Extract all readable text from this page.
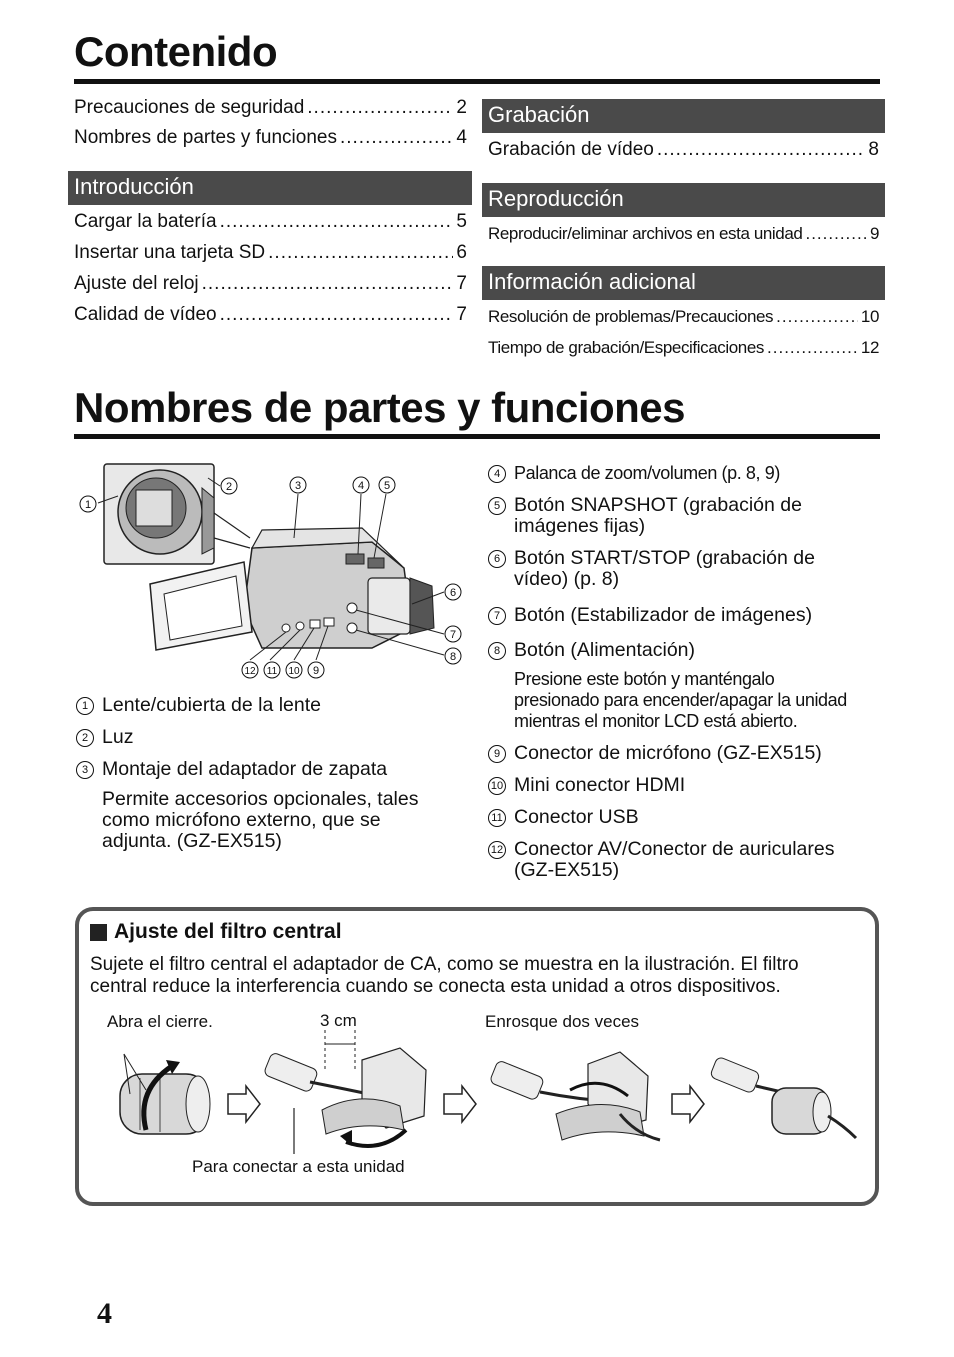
Contenido
Precauciones de seguridad .....	2
Nombres de partes y funciones .....	4
Introducción
Cargar la batería .....	5
Insertar una tarjeta SD .....	6
Ajuste del reloj .....	7
Calidad de vídeo .....	7
Grabación
Grabación de vídeo .....	8
Reproducción
Reproducir/eliminar archivos en esta unidad .....	9
Información adicional
Resolución de problemas/Precauciones .....	10
Tiempo de grabación/Especificaciones .....	12
Nombres de partes y funciones
1
2	3	4 5
6
7
8
12 11 10 9
1 Lente/cubierta de la lente
2 Luz
3 Montaje del adaptador de zapata
Permite accesorios opcionales, tales
como micrófono externo, que se
adjunta. (GZ-EX515)
4 Palanca de zoom/volumen (p. 8, 9)
5 Botón SNAPSHOT (grabación de
imágenes fijas)
6 Botón START/STOP (grabación de
vídeo) (p. 8)
7 Botón (Estabilizador de imágenes)
8 Botón (Alimentación)
Presione este botón y manténgalo
presionado para encender/apagar la unidad
mientras el monitor LCD está abierto.
9 Conector de micrófono (GZ-EX515)
10 Mini conector HDMI
11 Conector USB
12 Conector AV/Conector de auriculares
(GZ-EX515)
Ajuste del filtro central
Sujete el filtro central el adaptador de CA, como se muestra en la ilustración. El filtro
central reduce la interferencia cuando se conecta esta unidad a otros dispositivos.
Abra el cierre.	3 cm	Enrosque dos veces
Para conectar a esta unidad
4
